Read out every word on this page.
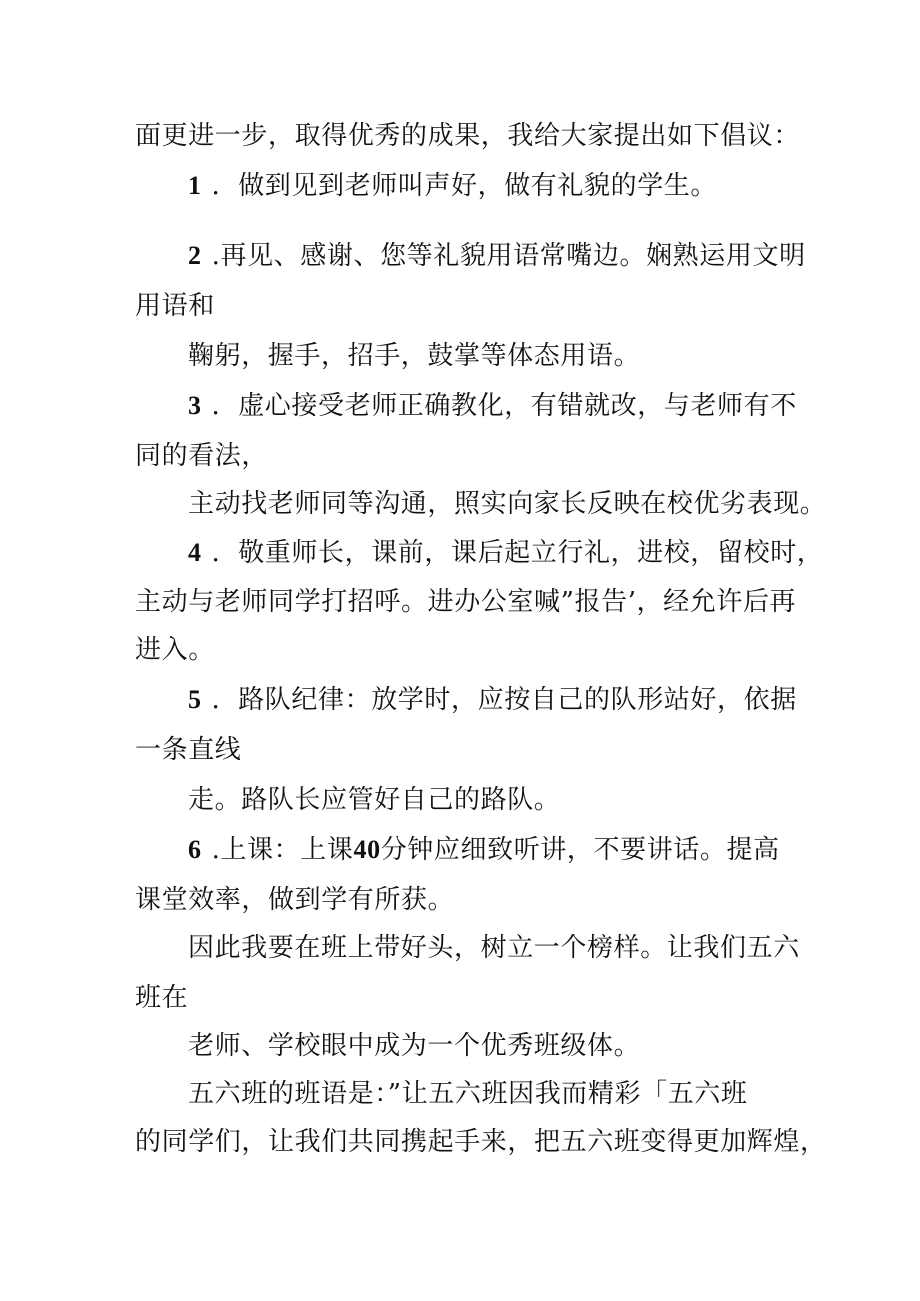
面更进一步，取得优秀的成果，我给大家提出如下倡议：
1 ．做到见到老师叫声好，做有礼貌的学生。
2 .再见、感谢、您等礼貌用语常嘴边。娴熟运用文明
用语和
鞠躬，握手，招手，鼓掌等体态用语。
3 ．虚心接受老师正确教化，有错就改，与老师有不
同的看法，
主动找老师同等沟通，照实向家长反映在校优劣表现。
4 ．敬重师长，课前，课后起立行礼，进校，留校时，
主动与老师同学打招呼。进办公室喊”报告’，经允许后再
进入。
5 ．路队纪律：放学时，应按自己的队形站好，依据
一条直线
走。路队长应管好自己的路队。
6 .上课：上课40分钟应细致听讲，不要讲话。提高
课堂效率，做到学有所获。
因此我要在班上带好头，树立一个榜样。让我们五六
班在
老师、学校眼中成为一个优秀班级体。
五六班的班语是：”让五六班因我而精彩「五六班
的同学们，让我们共同携起手来，把五六班变得更加辉煌，
